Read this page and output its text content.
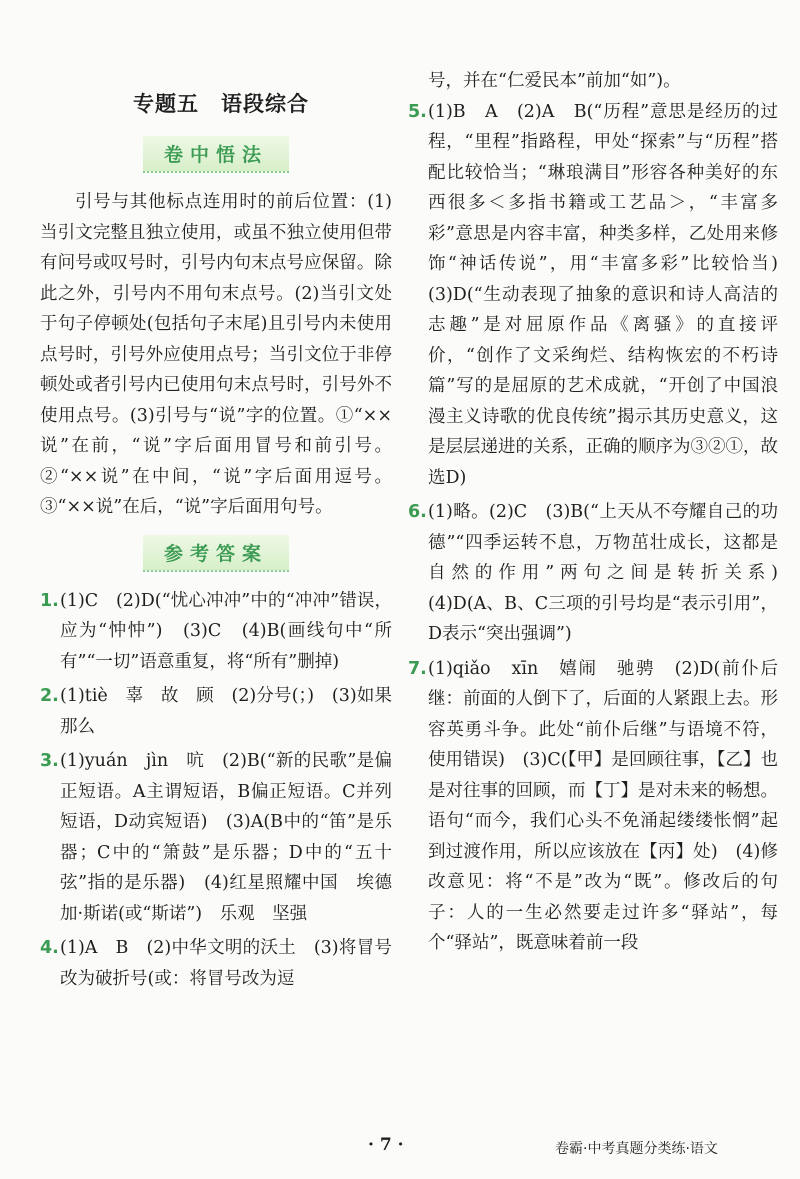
专题五　语段综合
卷中悟法

引号与其他标点连用时的前后位置：(1)当引文完整且独立使用，或虽不独立使用但带有问号或叹号时，引号内句末点号应保留。除此之外，引号内不用句末点号。(2)当引文处于句子停顿处(包括句子末尾)且引号内未使用点号时，引号外应使用点号；当引文位于非停顿处或者引号内已使用句末点号时，引号外不使用点号。(3)引号与“说”字的位置。①“××说”在前，“说”字后面用冒号和前引号。②“××说”在中间，“说”字后面用逗号。③“××说”在后，“说”字后面用句号。

参考答案
1. (1)C　(2)D(“忧心冲冲”中的“冲冲”错误，应为“忡忡”)　(3)C　(4)B(画线句中“所有”“一切”语意重复，将“所有”删掉)
2. (1)tiè　辜　故　顾　(2)分号(；)　(3)如果　那么
3. (1)yuán　jìn　吭　(2)B(“新的民歌”是偏正短语。A主谓短语，B偏正短语。C并列短语，D动宾短语)　(3)A(B中的“笛”是乐器；C中的“箫鼓”是乐器；D中的“五十弦”指的是乐器)　(4)红星照耀中国　埃德加·斯诺(或“斯诺”)　乐观　坚强
4. (1)A　B　(2)中华文明的沃土　(3)将冒号改为破折号(或：将冒号改为逗

号，并在“仁爱民本”前加“如”)。

5. (1)B　A　(2)A　B(“历程”意思是经历的过程，“里程”指路程，甲处“探索”与“历程”搭配比较恰当；“琳琅满目”形容各种美好的东西很多＜多指书籍或工艺品＞，“丰富多彩”意思是内容丰富，种类多样，乙处用来修饰“神话传说”，用“丰富多彩”比较恰当)　(3)D(“生动表现了抽象的意识和诗人高洁的志趣”是对屈原作品《离骚》的直接评价，“创作了文采绚烂、结构恢宏的不朽诗篇”写的是屈原的艺术成就，“开创了中国浪漫主义诗歌的优良传统”揭示其历史意义，这是层层递进的关系，正确的顺序为③②①，故选D)
6. (1)略。(2)C　(3)B(“上天从不夸耀自己的功德”“四季运转不息，万物茁壮成长，这都是自然的作用”两句之间是转折关系)　(4)D(A、B、C三项的引号均是“表示引用”，D表示“突出强调”)
7. (1)qiǎo　xīn　嬉闹　驰骋　(2)D(前仆后继：前面的人倒下了，后面的人紧跟上去。形容英勇斗争。此处“前仆后继”与语境不符，使用错误)　(3)C(【甲】是回顾往事，【乙】也是对往事的回顾，而【丁】是对未来的畅想。语句“而今，我们心头不免涌起缕缕怅惘”起到过渡作用，所以应该放在【丙】处)　(4)修改意见：将“不是”改为“既”。修改后的句子：人的一生必然要走过许多“驿站”，每个“驿站”，既意味着前一段
· 7 ·	卷霸·中考真题分类练·语文
